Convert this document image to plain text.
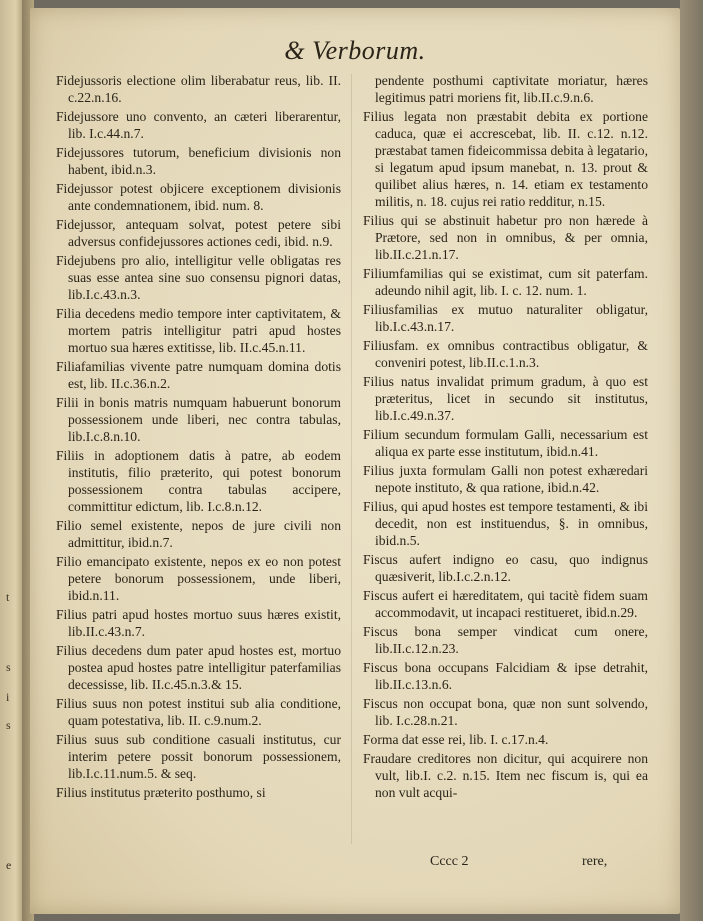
t
s
i
s
e
& Verborum.

Fidejussoris electione olim liberabatur reus, lib. II. c.22.n.16.

Fidejussore uno convento, an cæteri liberarentur, lib. I.c.44.n.7.

Fidejussores tutorum, beneficium divisionis non habent, ibid.n.3.

Fidejussor potest objicere exceptionem divisionis ante condemnationem, ibid. num. 8.

Fidejussor, antequam solvat, potest petere sibi adversus confidejussores actiones cedi, ibid. n.9.

Fidejubens pro alio, intelligitur velle obligatas res suas esse antea sine suo consensu pignori datas, lib.I.c.43.n.3.

Filia decedens medio tempore inter captivitatem, & mortem patris intelligitur patri apud hostes mortuo sua hæres extitisse, lib. II.c.45.n.11.

Filiafamilias vivente patre numquam domina dotis est, lib. II.c.36.n.2.

Filii in bonis matris numquam habuerunt bonorum possessionem unde liberi, nec contra tabulas, lib.I.c.8.n.10.

Filiis in adoptionem datis à patre, ab eodem institutis, filio præterito, qui potest bonorum possessionem contra tabulas accipere, committitur edictum, lib. I.c.8.n.12.

Filio semel existente, nepos de jure civili non admittitur, ibid.n.7.

Filio emancipato existente, nepos ex eo non potest petere bonorum possessionem, unde liberi, ibid.n.11.

Filius patri apud hostes mortuo suus hæres existit, lib.II.c.43.n.7.

Filius decedens dum pater apud hostes est, mortuo postea apud hostes patre intelligitur paterfamilias decessisse, lib. II.c.45.n.3.& 15.

Filius suus non potest institui sub alia conditione, quam potestativa, lib. II. c.9.num.2.

Filius suus sub conditione casuali institutus, cur interim petere possit bonorum possessionem, lib.I.c.11.num.5. & seq.

Filius institutus præterito posthumo, si

pendente posthumi captivitate moriatur, hæres legitimus patri moriens fit, lib.II.c.9.n.6.

Filius legata non præstabit debita ex portione caduca, quæ ei accrescebat, lib. II. c.12. n.12. præstabat tamen fideicommissa debita à legatario, si legatum apud ipsum manebat, n. 13. prout & quilibet alius hæres, n. 14. etiam ex testamento militis, n. 18. cujus rei ratio redditur, n.15.

Filius qui se abstinuit habetur pro non hærede à Prætore, sed non in omnibus, & per omnia, lib.II.c.21.n.17.

Filiumfamilias qui se existimat, cum sit paterfam. adeundo nihil agit, lib. I. c. 12. num. 1.

Filiusfamilias ex mutuo naturaliter obligatur, lib.I.c.43.n.17.

Filiusfam. ex omnibus contractibus obligatur, & conveniri potest, lib.II.c.1.n.3.

Filius natus invalidat primum gradum, à quo est præteritus, licet in secundo sit institutus, lib.I.c.49.n.37.

Filium secundum formulam Galli, necessarium est aliqua ex parte esse institutum, ibid.n.41.

Filius juxta formulam Galli non potest exhæredari nepote instituto, & qua ratione, ibid.n.42.

Filius, qui apud hostes est tempore testamenti, & ibi decedit, non est instituendus, §. in omnibus, ibid.n.5.

Fiscus aufert indigno eo casu, quo indignus quæsiverit, lib.I.c.2.n.12.

Fiscus aufert ei hæreditatem, qui tacitè fidem suam accommodavit, ut incapaci restitueret, ibid.n.29.

Fiscus bona semper vindicat cum onere, lib.II.c.12.n.23.

Fiscus bona occupans Falcidiam & ipse detrahit, lib.II.c.13.n.6.

Fiscus non occupat bona, quæ non sunt solvendo, lib. I.c.28.n.21.

Forma dat esse rei, lib. I. c.17.n.4.

Fraudare creditores non dicitur, qui acquirere non vult, lib.I. c.2. n.15. Item nec fiscum is, qui ea non vult acqui-

Cccc 2	rere,
